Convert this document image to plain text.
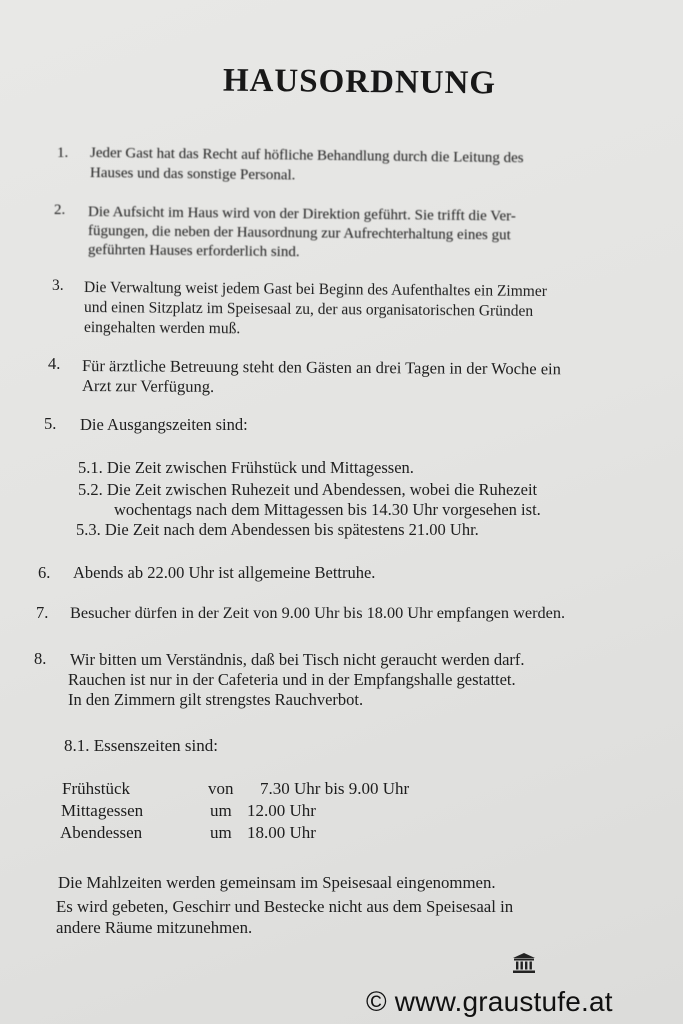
HAUSORDNUNG
1. Jeder Gast hat das Recht auf höfliche Behandlung durch die Leitung des
Hauses und das sonstige Personal.
2. Die Aufsicht im Haus wird von der Direktion geführt. Sie trifft die Ver-
fügungen, die neben der Hausordnung zur Aufrechterhaltung eines gut
geführten Hauses erforderlich sind.
3. Die Verwaltung weist jedem Gast bei Beginn des Aufenthaltes ein Zimmer
und einen Sitzplatz im Speisesaal zu, der aus organisatorischen Gründen
eingehalten werden muß.
4. Für ärztliche Betreuung steht den Gästen an drei Tagen in der Woche ein
Arzt zur Verfügung.
5. Die Ausgangszeiten sind:
5.1. Die Zeit zwischen Frühstück und Mittagessen.
5.2. Die Zeit zwischen Ruhezeit und Abendessen, wobei die Ruhezeit
wochentags nach dem Mittagessen bis 14.30 Uhr vorgesehen ist.
5.3. Die Zeit nach dem Abendessen bis spätestens 21.00 Uhr.
6. Abends ab 22.00 Uhr ist allgemeine Bettruhe.
7. Besucher dürfen in der Zeit von 9.00 Uhr bis 18.00 Uhr empfangen werden.
8. Wir bitten um Verständnis, daß bei Tisch nicht geraucht werden darf.
Rauchen ist nur in der Cafeteria und in der Empfangshalle gestattet.
In den Zimmern gilt strengstes Rauchverbot.
8.1. Essenszeiten sind:
Frühstück	von 7.30 Uhr bis 9.00 Uhr
Mittagessen	um 12.00 Uhr
Abendessen	um 18.00 Uhr
Die Mahlzeiten werden gemeinsam im Speisesaal eingenommen.
Es wird gebeten, Geschirr und Bestecke nicht aus dem Speisesaal in
andere Räume mitzunehmen.
© www.graustufe.at
